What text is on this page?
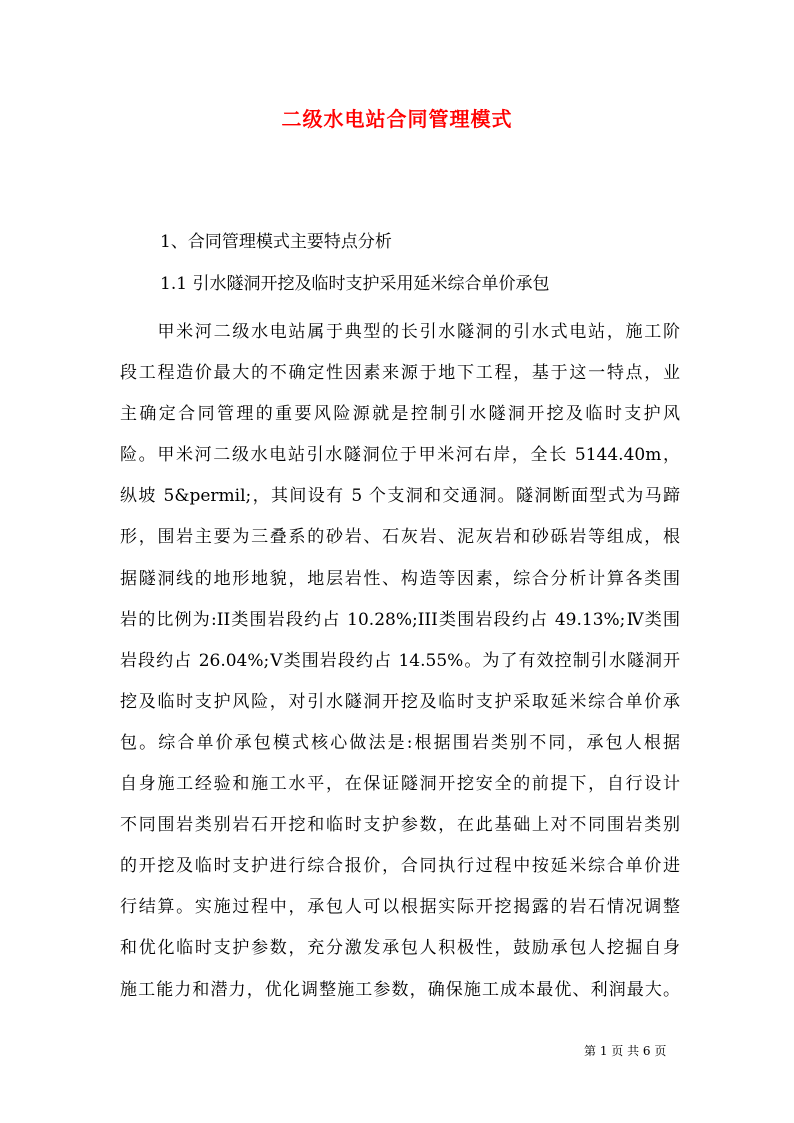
二级水电站合同管理模式
1、合同管理模式主要特点分析
1.1 引水隧洞开挖及临时支护采用延米综合单价承包
　　甲米河二级水电站属于典型的长引水隧洞的引水式电站，施工阶
段工程造价最大的不确定性因素来源于地下工程，基于这一特点，业
主确定合同管理的重要风险源就是控制引水隧洞开挖及临时支护风
险。甲米河二级水电站引水隧洞位于甲米河右岸，全长 5144.40m，
纵坡 5&permil;，其间设有 5 个支洞和交通洞。隧洞断面型式为马蹄
形，围岩主要为三叠系的砂岩、石灰岩、泥灰岩和砂砾岩等组成，根
据隧洞线的地形地貌，地层岩性、构造等因素，综合分析计算各类围
岩的比例为:II类围岩段约占 10.28%;III类围岩段约占 49.13%;Ⅳ类围
岩段约占 26.04%;Ⅴ类围岩段约占 14.55%。为了有效控制引水隧洞开
挖及临时支护风险，对引水隧洞开挖及临时支护采取延米综合单价承
包。综合单价承包模式核心做法是:根据围岩类别不同，承包人根据
自身施工经验和施工水平，在保证隧洞开挖安全的前提下，自行设计
不同围岩类别岩石开挖和临时支护参数，在此基础上对不同围岩类别
的开挖及临时支护进行综合报价，合同执行过程中按延米综合单价进
行结算。实施过程中，承包人可以根据实际开挖揭露的岩石情况调整
和优化临时支护参数，充分激发承包人积极性，鼓励承包人挖掘自身
施工能力和潜力，优化调整施工参数，确保施工成本最优、利润最大。
第 1 页 共 6 页
